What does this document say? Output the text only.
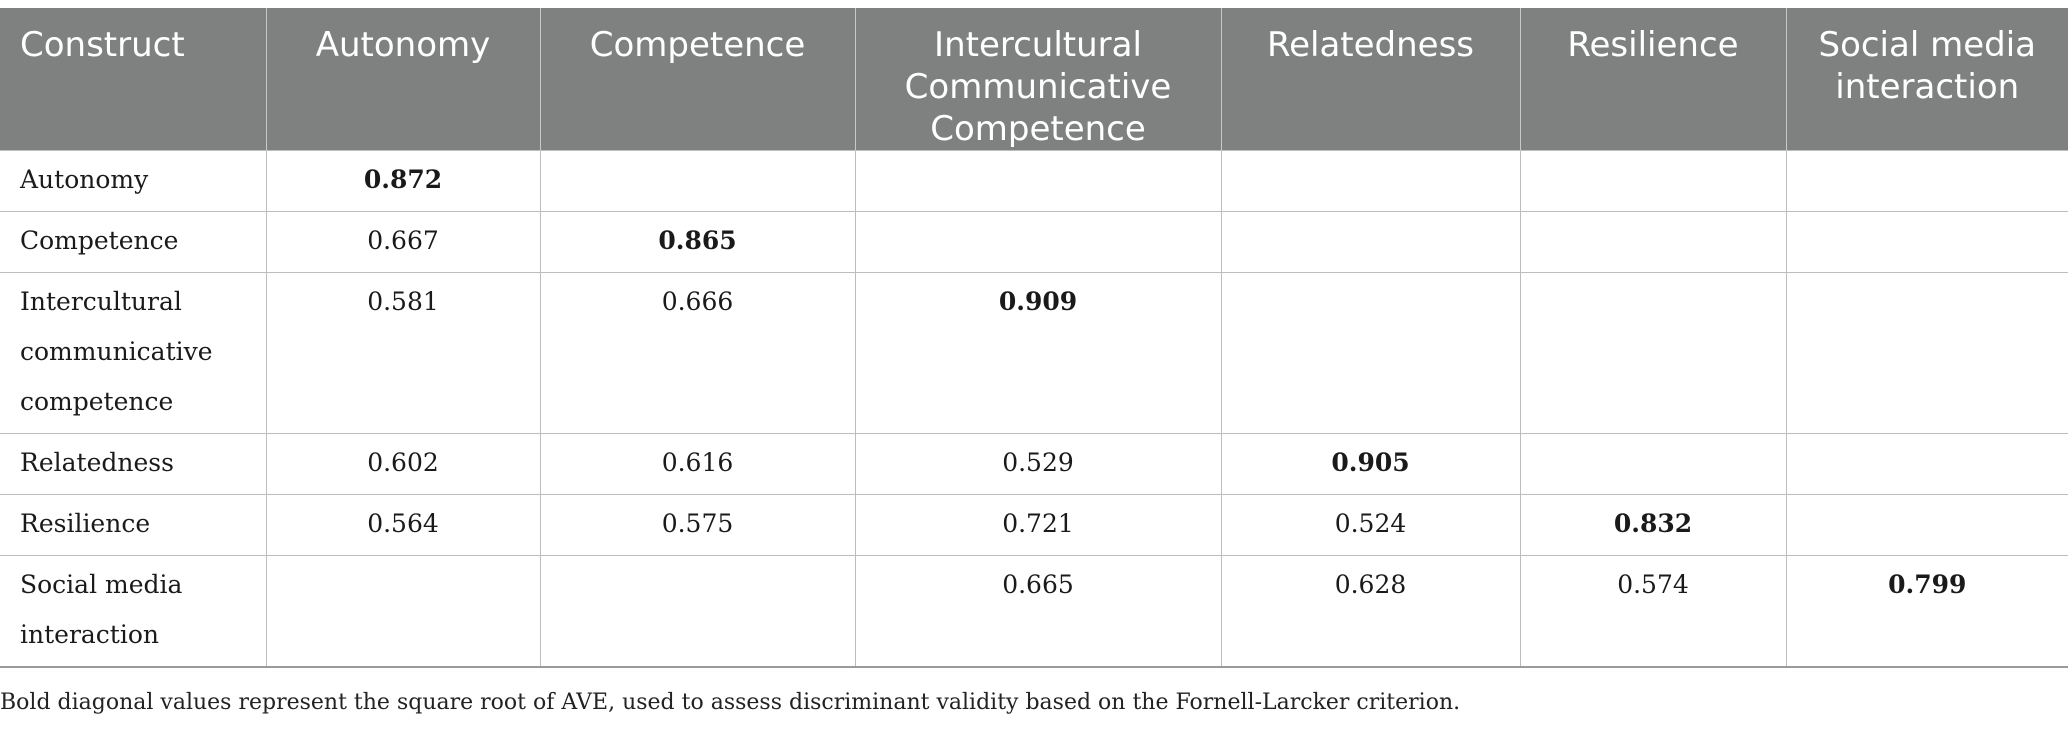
Construct	Autonomy	Competence	Intercultural Communicative Competence	Relatedness	Resilience	Social media interaction
Autonomy	0.872					
Competence	0.667	0.865				
Intercultural communicative competence	0.581	0.666	0.909			
Relatedness	0.602	0.616	0.529	0.905		
Resilience	0.564	0.575	0.721	0.524	0.832	
Social media interaction			0.665	0.628	0.574	0.799
Bold diagonal values represent the square root of AVE, used to assess discriminant validity based on the Fornell-Larcker criterion.
